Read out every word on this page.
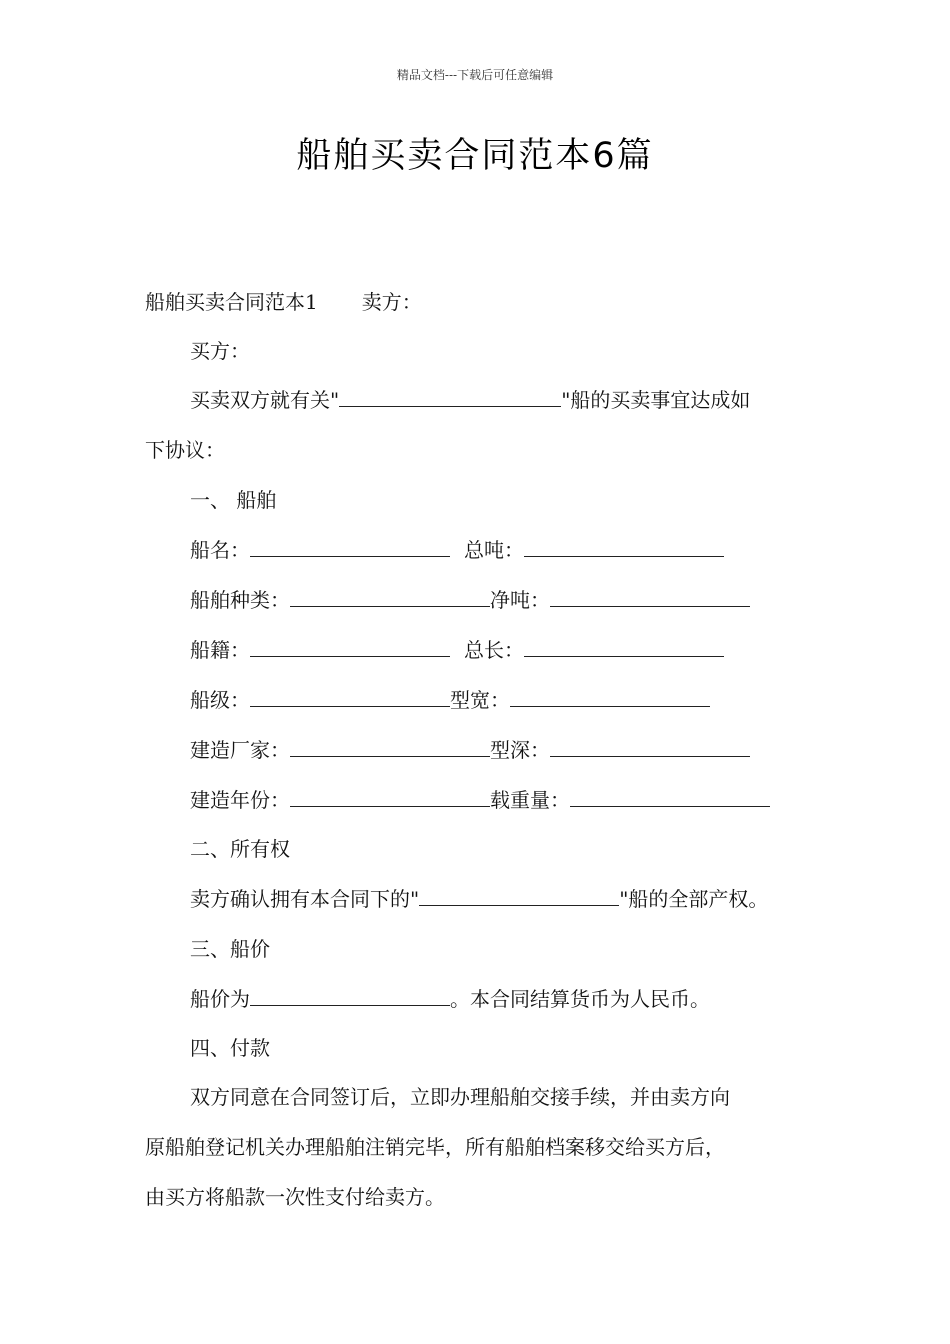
精品文档---下载后可任意编辑
船舶买卖合同范本6篇
船舶买卖合同范本1 卖方：
买方：
买卖双方就有关"	"船的买卖事宜达成如
下协议：
一、 船舶
船名：	总吨：
船舶种类：	净吨：
船籍：	总长：
船级：	型宽：
建造厂家：	型深：
建造年份：	载重量：
二、所有权
卖方确认拥有本合同下的"	"船的全部产权。
三、船价
船价为	。本合同结算货币为人民币。
四、付款
双方同意在合同签订后，立即办理船舶交接手续，并由卖方向
原船舶登记机关办理船舶注销完毕，所有船舶档案移交给买方后，
由买方将船款一次性支付给卖方。
